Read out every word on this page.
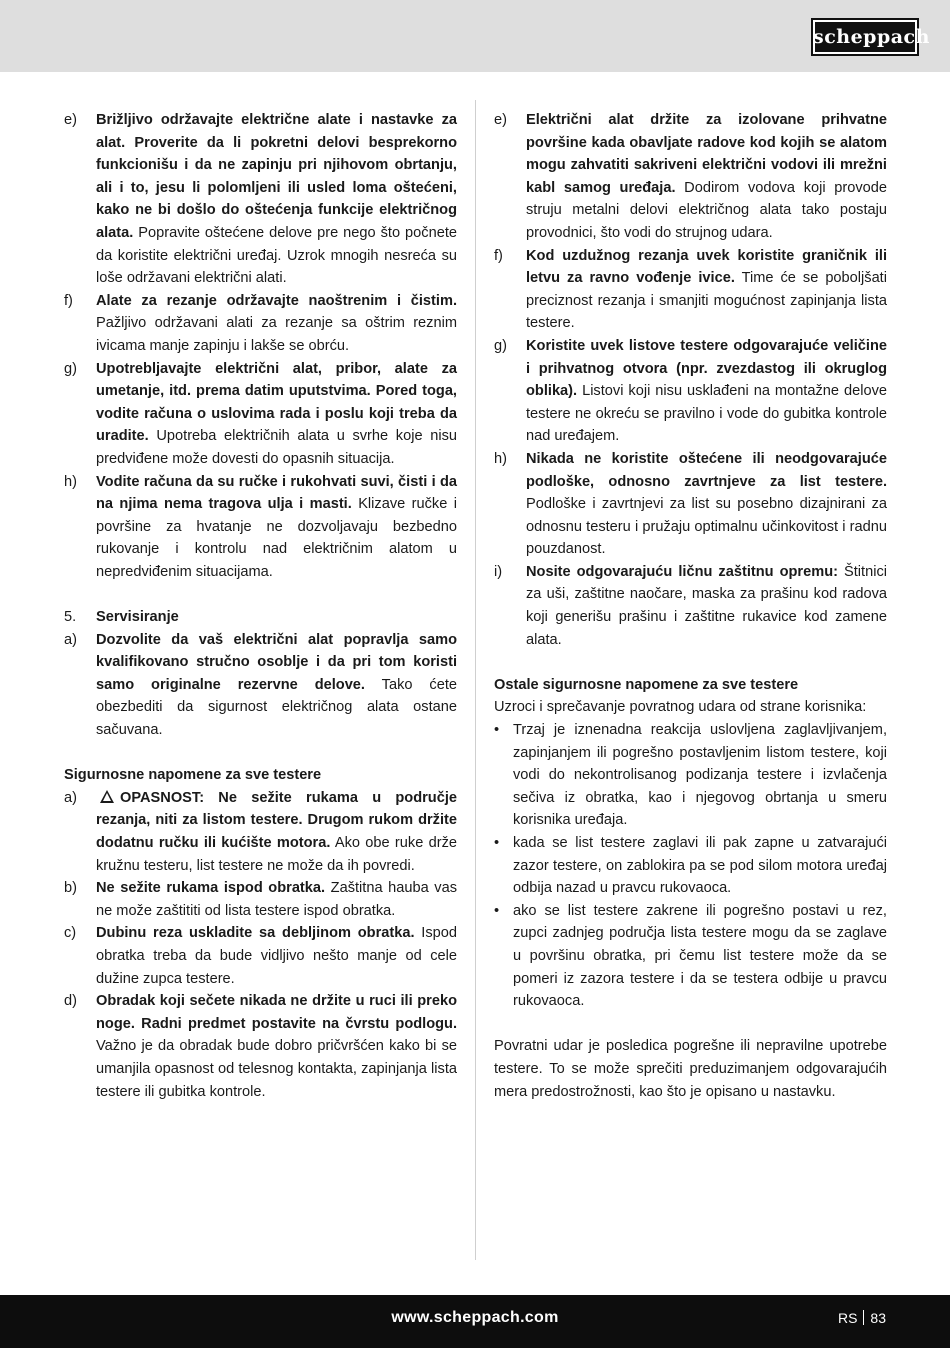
scheppach
e) Brižljivo održavajte električne alate i nastavke za alat. Proverite da li pokretni delovi besprekorno funkcionišu i da ne zapinju pri njihovom obrtanju, ali i to, jesu li polomljeni ili usled loma oštećeni, kako ne bi došlo do oštećenja funkcije električnog alata. Popravite oštećene delove pre nego što počnete da koristite električni uređaj. Uzrok mnogih nesreća su loše održavani električni alati.
f) Alate za rezanje održavajte naoštrenim i čistim. Pažljivo održavani alati za rezanje sa oštrim reznim ivicama manje zapinju i lakše se obrću.
g) Upotrebljavajte električni alat, pribor, alate za umetanje, itd. prema datim uputstvima. Pored toga, vodite računa o uslovima rada i poslu koji treba da uradite. Upotreba električnih alata u svrhe koje nisu predviđene može dovesti do opasnih situacija.
h) Vodite računa da su ručke i rukohvati suvi, čisti i da na njima nema tragova ulja i masti. Klizave ručke i površine za hvatanje ne dozvoljavaju bezbedno rukovanje i kontrolu nad električnim alatom u nepredviđenim situacijama.
5. Servisiranje
a) Dozvolite da vaš električni alat popravlja samo kvalifikovano stručno osoblje i da pri tom koristi samo originalne rezervne delove. Tako ćete obezbediti da sigurnost električnog alata ostane sačuvana.
Sigurnosne napomene za sve testere
a)	OPASNOST: Ne sežite rukama u područje rezanja, niti za listom testere. Drugom rukom držite dodatnu ručku ili kućište motora. Ako obe ruke drže kružnu testeru, list testere ne može da ih povredi.
b) Ne sežite rukama ispod obratka. Zaštitna hauba vas ne može zaštititi od lista testere ispod obratka.
c) Dubinu reza uskladite sa debljinom obratka. Ispod obratka treba da bude vidljivo nešto manje od cele dužine zupca testere.
d) Obradak koji sečete nikada ne držite u ruci ili preko noge. Radni predmet postavite na čvrstu podlogu. Važno je da obradak bude dobro pričvršćen kako bi se umanjila opasnost od telesnog kontakta, zapinjanja lista testere ili gubitka kontrole.
e) Električni alat držite za izolovane prihvatne površine kada obavljate radove kod kojih se alatom mogu zahvatiti sakriveni električni vodovi ili mrežni kabl samog uređaja. Dodirom vodova koji provode struju metalni delovi električnog alata tako postaju provodnici, što vodi do strujnog udara.
f) Kod uzdužnog rezanja uvek koristite graničnik ili letvu za ravno vođenje ivice. Time će se poboljšati preciznost rezanja i smanjiti mogućnost zapinjanja lista testere.
g) Koristite uvek listove testere odgovarajuće veličine i prihvatnog otvora (npr. zvezdastog ili okruglog oblika). Listovi koji nisu usklađeni na montažne delove testere ne okreću se pravilno i vode do gubitka kontrole nad uređajem.
h) Nikada ne koristite oštećene ili neodgovarajuće podloške, odnosno zavrtnjeve za list testere. Podloške i zavrtnjevi za list su posebno dizajnirani za odnosnu testeru i pružaju optimalnu učinkovitost i radnu pouzdanost.
i) Nosite odgovarajuću ličnu zaštitnu opremu: Štitnici za uši, zaštitne naočare, maska za prašinu kod radova koji generišu prašinu i zaštitne rukavice kod zamene alata.
Ostale sigurnosne napomene za sve testere
Uzroci i sprečavanje povratnog udara od strane korisnika:
• Trzaj je iznenadna reakcija uslovljena zaglavljivanjem, zapinjanjem ili pogrešno postavljenim listom testere, koji vodi do nekontrolisanog podizanja testere i izvlačenja sečiva iz obratka, kao i njegovog obrtanja u smeru korisnika uređaja.
• kada se list testere zaglavi ili pak zapne u zatvarajući zazor testere, on zablokira pa se pod silom motora uređaj odbija nazad u pravcu rukovaoca.
• ako se list testere zakrene ili pogrešno postavi u rez, zupci zadnjeg područja lista testere mogu da se zaglave u površinu obratka, pri čemu list testere može da se pomeri iz zazora testere i da se testera odbije u pravcu rukovaoca.
Povratni udar je posledica pogrešne ili nepravilne upotrebe testere. To se može sprečiti preduzimanjem odgovarajućih mera predostrožnosti, kao što je opisano u nastavku.
www.scheppach.com	RS 83
